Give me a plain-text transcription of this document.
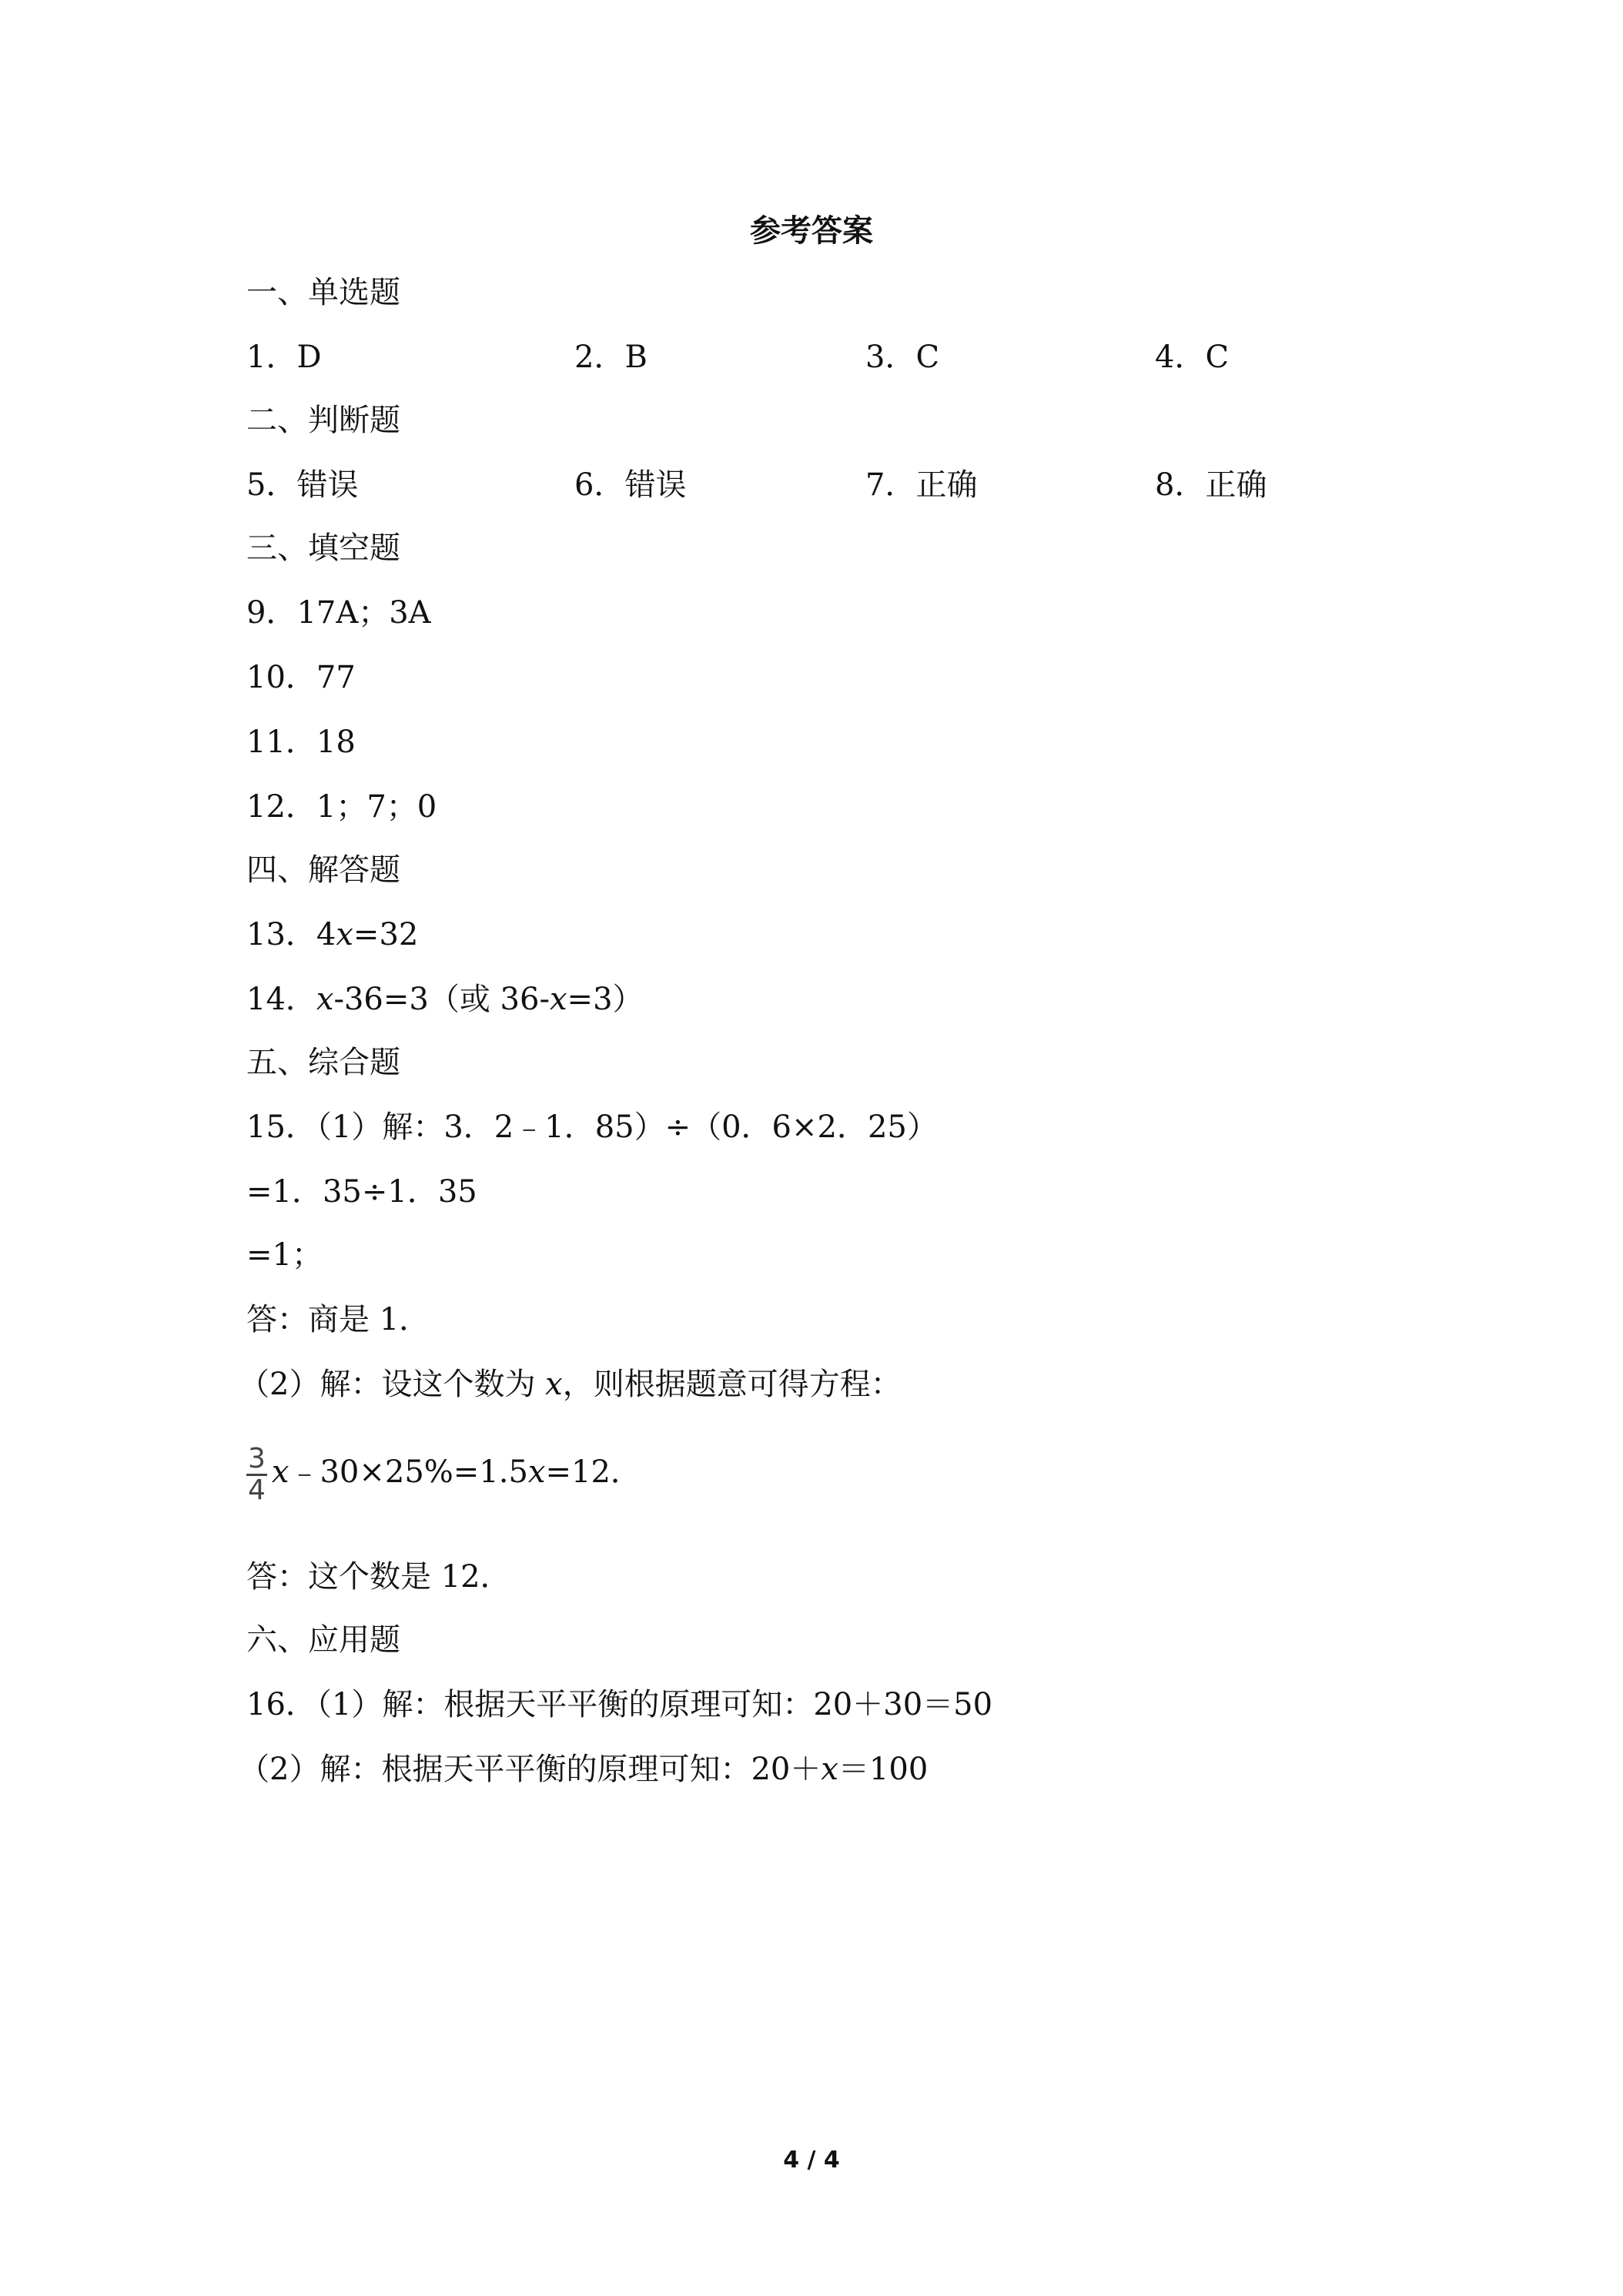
参考答案
一、单选题
1．D	2．B	3．C	4．C
二、判断题
5．错误	6．错误	7．正确	8．正确
三、填空题
9．17A；3A
10．77
11．18
12．1；7；0
四、解答题
13．4x=32
14．x-36=3（或 36-x=3）
五、综合题
15．（1）解：3．2﹣1．85）÷（0．6×2．25）
=1．35÷1．35
=1；
答：商是 1．
（2）解：设这个数为 x，则根据题意可得方程：
$\frac{3}{4}$ x﹣30×25%=1.5x=12．
答：这个数是 12．
六、应用题
16．（1）解：根据天平平衡的原理可知：20＋30＝50
（2）解：根据天平平衡的原理可知：20＋x＝100
4 / 4
